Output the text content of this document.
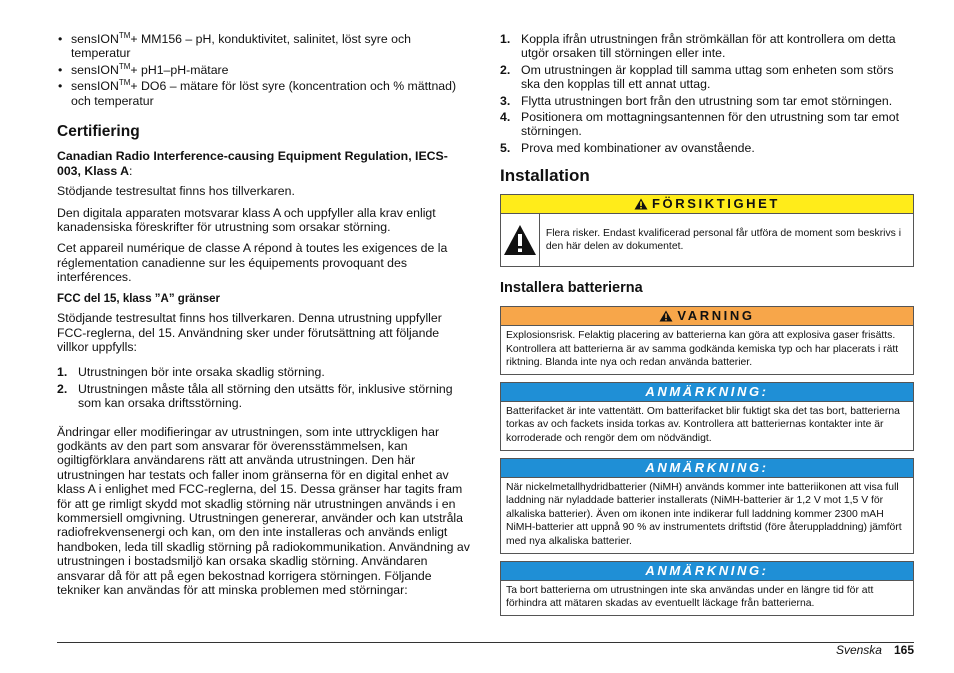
• sensION™+ MM156 – pH, konduktivitet, salinitet, löst syre och temperatur
• sensION™+ pH1–pH-mätare
• sensION™+ DO6 – mätare för löst syre (koncentration och % mättnad) och temperatur
Certifiering

Canadian Radio Interference-causing Equipment Regulation, IECS-003, Klass A:

Stödjande testresultat finns hos tillverkaren.

Den digitala apparaten motsvarar klass A och uppfyller alla krav enligt kanadensiska föreskrifter för utrustning som orsakar störning.

Cet appareil numérique de classe A répond à toutes les exigences de la réglementation canadienne sur les équipements provoquant des interférences.

FCC del 15, klass ”A” gränser

Stödjande testresultat finns hos tillverkaren. Denna utrustning uppfyller FCC-reglerna, del 15. Användning sker under förutsättning att följande villkor uppfylls:

1. Utrustningen bör inte orsaka skadlig störning.
2. Utrustningen måste tåla all störning den utsätts för, inklusive störning som kan orsaka driftsstörning.

Ändringar eller modifieringar av utrustningen, som inte uttryckligen har godkänts av den part som ansvarar för överensstämmelsen, kan ogiltigförklara användarens rätt att använda utrustningen. Den här utrustningen har testats och faller inom gränserna för en digital enhet av klass A i enlighet med FCC-reglerna, del 15. Dessa gränser har tagits fram för att ge rimligt skydd mot skadlig störning när utrustningen används i en kommersiell omgivning. Utrustningen genererar, använder och kan utstråla radiofrekvensenergi och kan, om den inte installeras och används enligt handboken, leda till skadlig störning på radiokommunikation. Användning av utrustningen i bostadsmiljö kan orsaka skadlig störning. Användaren ansvarar då för att på egen bekostnad korrigera störningen. Följande tekniker kan användas för att minska problemen med störningar:

1. Koppla ifrån utrustningen från strömkällan för att kontrollera om detta utgör orsaken till störningen eller inte.
2. Om utrustningen är kopplad till samma uttag som enheten som störs ska den kopplas till ett annat uttag.
3. Flytta utrustningen bort från den utrustning som tar emot störningen.
4. Positionera om mottagningsantennen för den utrustning som tar emot störningen.
5. Prova med kombinationer av ovanstående.
Installation
FÖRSIKTIGHET
Flera risker. Endast kvalificerad personal får utföra de moment som beskrivs i den här delen av dokumentet.
Installera batterierna
VARNING
Explosionsrisk. Felaktig placering av batterierna kan göra att explosiva gaser frisätts. Kontrollera att batterierna är av samma godkända kemiska typ och har placerats i rätt riktning. Blanda inte nya och redan använda batterier.
ANMÄRKNING:
Batterifacket är inte vattentätt. Om batterifacket blir fuktigt ska det tas bort, batterierna torkas av och fackets insida torkas av. Kontrollera att batteriernas kontakter inte är korroderade och rengör dem om nödvändigt.
ANMÄRKNING:
När nickelmetallhydridbatterier (NiMH) används kommer inte batteriikonen att visa full laddning när nyladdade batterier installerats (NiMH-batterier är 1,2 V mot 1,5 V för alkaliska batterier). Även om ikonen inte indikerar full laddning kommer 2300 mAH NiMH-batterier att uppnå 90 % av instrumentets driftstid (före återuppladdning) jämfört med nya alkaliska batterier.
ANMÄRKNING:
Ta bort batterierna om utrustningen inte ska användas under en längre tid för att förhindra att mätaren skadas av eventuellt läckage från batterierna.
Svenska 165
